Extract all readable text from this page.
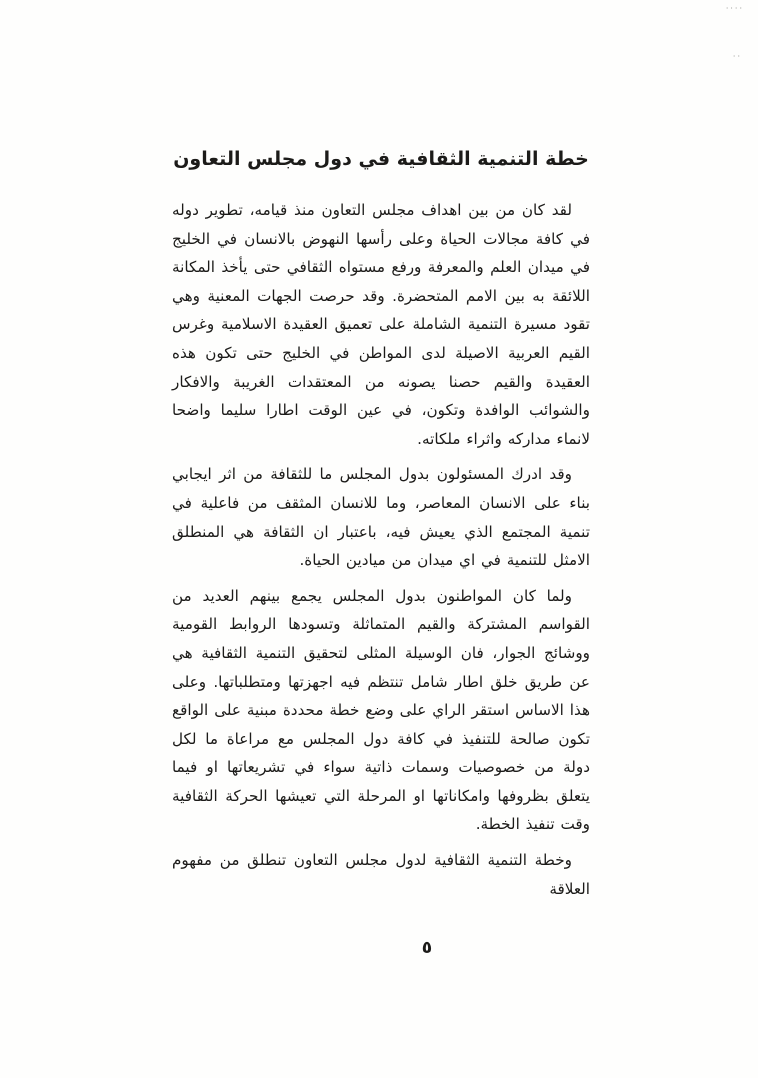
····
··
خطة التنمية الثقافية في دول مجلس التعاون

لقد كان من بين اهداف مجلس التعاون منذ قيامه، تطوير دوله في كافة مجالات الحياة وعلى رأسها النهوض بالانسان في الخليج في ميدان العلم والمعرفة ورفع مستواه الثقافي حتى يأخذ المكانة اللائقة به بين الامم المتحضرة. وقد حرصت الجهات المعنية وهي تقود مسيرة التنمية الشاملة على تعميق العقيدة الاسلامية وغرس القيم العربية الاصيلة لدى المواطن في الخليج حتى تكون هذه العقيدة والقيم حصنا يصونه من المعتقدات الغريبة والافكار والشوائب الوافدة وتكون، في عين الوقت اطارا سليما واضحا لانماء مداركه واثراء ملكاته.

وقد ادرك المسئولون بدول المجلس ما للثقافة من اثر ايجابي بناء على الانسان المعاصر، وما للانسان المثقف من فاعلية في تنمية المجتمع الذي يعيش فيه، باعتبار ان الثقافة هي المنطلق الامثل للتنمية في اي ميدان من ميادين الحياة.

ولما كان المواطنون بدول المجلس يجمع بينهم العديد من القواسم المشتركة والقيم المتماثلة وتسودها الروابط القومية ووشائج الجوار، فان الوسيلة المثلى لتحقيق التنمية الثقافية هي عن طريق خلق اطار شامل تنتظم فيه اجهزتها ومتطلباتها. وعلى هذا الاساس استقر الراي على وضع خطة محددة مبنية على الواقع تكون صالحة للتنفيذ في كافة دول المجلس مع مراعاة ما لكل دولة من خصوصيات وسمات ذاتية سواء في تشريعاتها او فيما يتعلق بظروفها وامكاناتها او المرحلة التي تعيشها الحركة الثقافية وقت تنفيذ الخطة.

وخطة التنمية الثقافية لدول مجلس التعاون تنطلق من مفهوم العلاقة

٥
